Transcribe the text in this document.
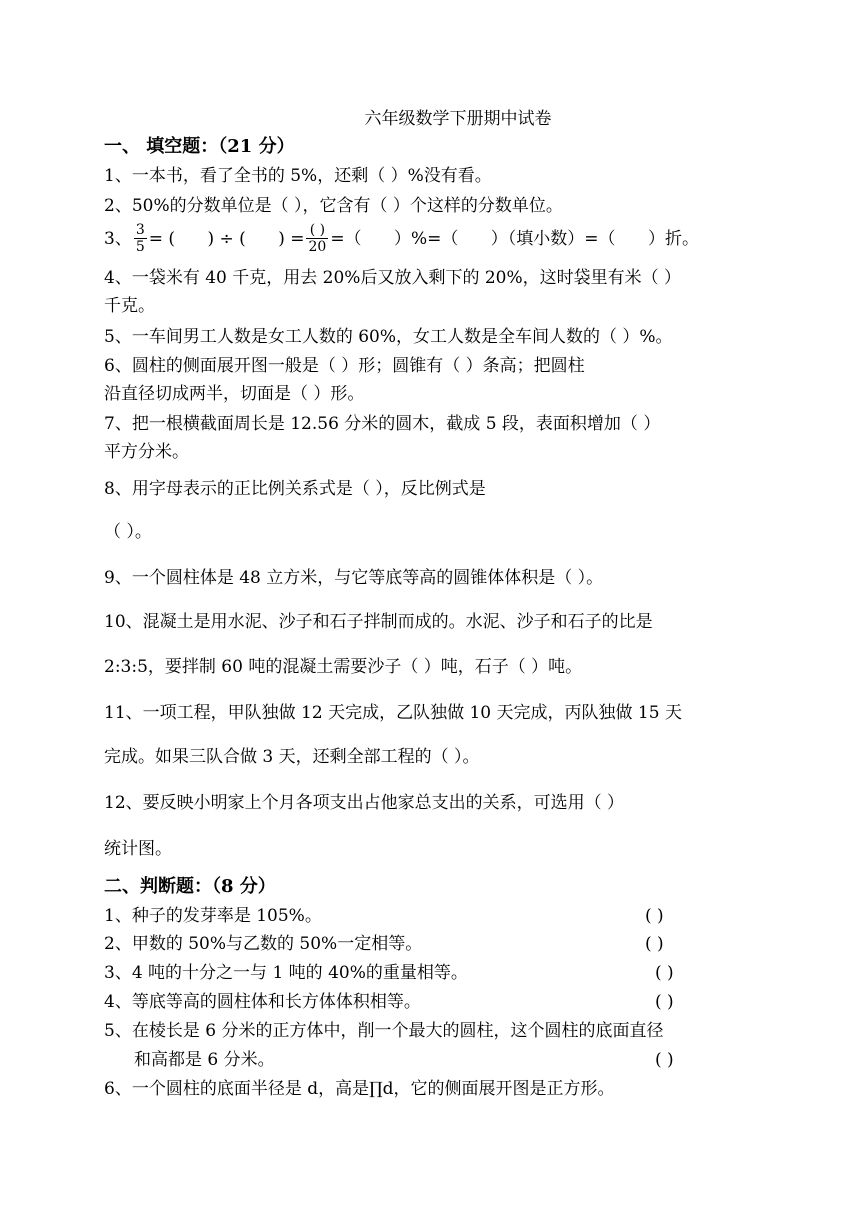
六年级数学下册期中试卷
一、 填空题：（21 分）
1、一本书，看了全书的 5%，还剩（ ）%没有看。
2、50%的分数单位是（ ），它含有（ ）个这样的分数单位。
3、 $\frac{3}{5}$ = (      ) ÷ (      ) = $\frac{( )}{20}$ =（      ）%=（      ）（填小数）=（      ）折。
4、一袋米有 40 千克，用去 20%后又放入剩下的 20%，这时袋里有米（ ）
千克。
5、一车间男工人数是女工人数的 60%，女工人数是全车间人数的（ ）%。
6、圆柱的侧面展开图一般是（ ）形；圆锥有（ ）条高；把圆柱
沿直径切成两半，切面是（ ）形。
7、把一根横截面周长是 12.56 分米的圆木，截成 5 段，表面积增加（ ）
平方分米。
8、用字母表示的正比例关系式是（ ），反比例式是
（ ）。
9、一个圆柱体是 48 立方米，与它等底等高的圆锥体体积是（ ）。
10、混凝土是用水泥、沙子和石子拌制而成的。水泥、沙子和石子的比是
2:3:5，要拌制 60 吨的混凝土需要沙子（ ）吨，石子（ ）吨。
11、一项工程，甲队独做 12 天完成，乙队独做 10 天完成，丙队独做 15 天
完成。如果三队合做 3 天，还剩全部工程的（ ）。
12、要反映小明家上个月各项支出占他家总支出的关系，可选用（ ）
统计图。
二、判断题：（8 分）
1、种子的发芽率是 105%。	( )
2、甲数的 50%与乙数的 50%一定相等。	( )
3、4 吨的十分之一与 1 吨的 40%的重量相等。	( )
4、等底等高的圆柱体和长方体体积相等。	( )
5、在棱长是 6 分米的正方体中，削一个最大的圆柱，这个圆柱的底面直径
和高都是 6 分米。	( )
6、一个圆柱的底面半径是 d，高是∏d，它的侧面展开图是正方形。
